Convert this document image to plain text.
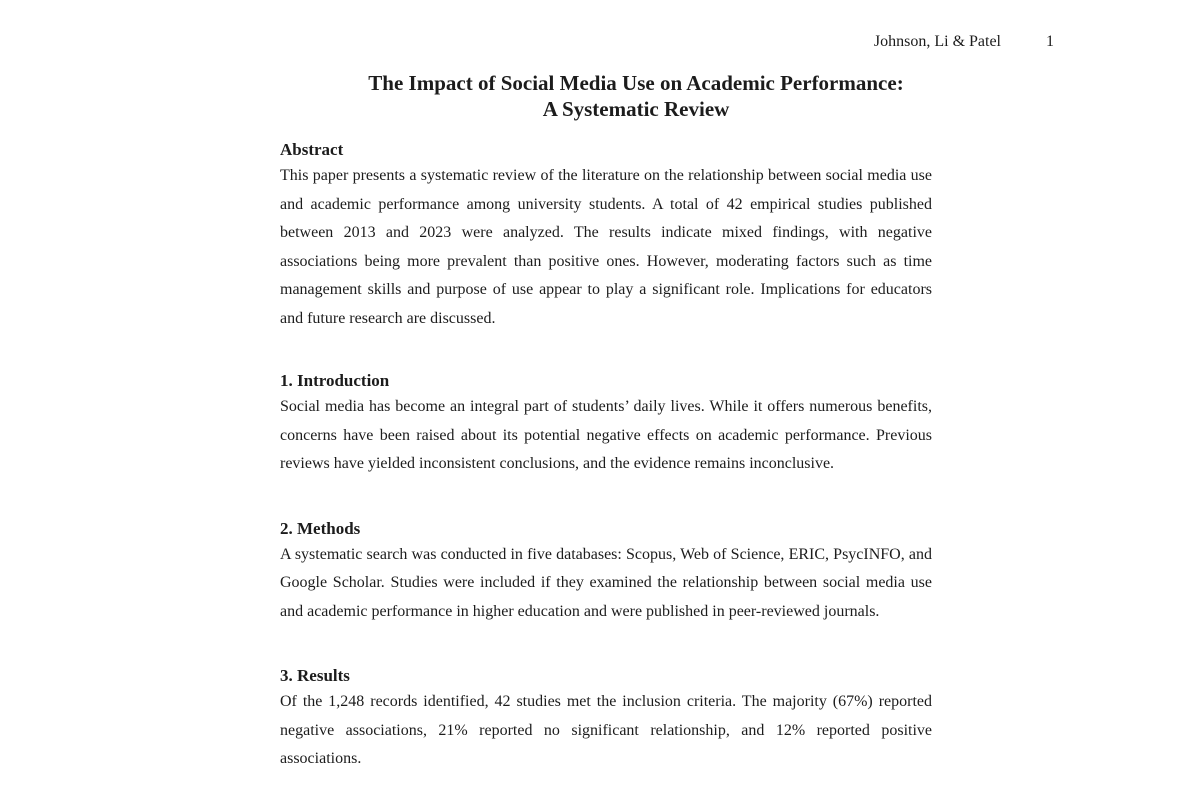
Johnson, Li & Patel	1
The Impact of Social Media Use on Academic Performance:
A Systematic Review
Abstract

This paper presents a systematic review of the literature on the relationship between social media use and academic performance among university students. A total of 42 empirical studies published between 2013 and 2023 were analyzed. The results indicate mixed findings, with negative associations being more prevalent than positive ones. However, moderating factors such as time management skills and purpose of use appear to play a significant role. Implications for educators and future research are discussed.

1. Introduction

Social media has become an integral part of students’ daily lives. While it offers numerous benefits, concerns have been raised about its potential negative effects on academic performance. Previous reviews have yielded inconsistent conclusions, and the evidence remains inconclusive.

2. Methods

A systematic search was conducted in five databases: Scopus, Web of Science, ERIC, PsycINFO, and Google Scholar. Studies were included if they examined the relationship between social media use and academic performance in higher education and were published in peer-reviewed journals.

3. Results

Of the 1,248 records identified, 42 studies met the inclusion criteria. The majority (67%) reported negative associations, 21% reported no significant relationship, and 12% reported positive associations.
